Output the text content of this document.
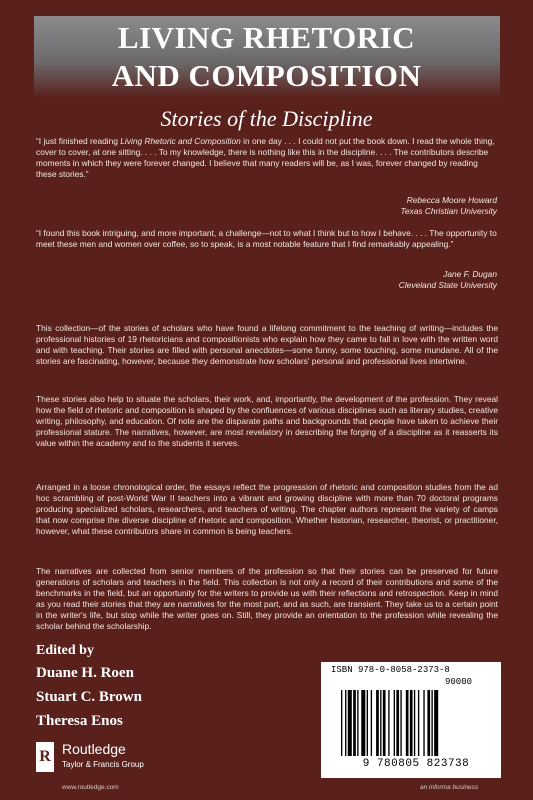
LIVING RHETORIC
AND COMPOSITION
Stories of the Discipline
“I just finished reading Living Rhetoric and Composition in one day . . . I could not put the book down. I read the whole thing, cover to cover, at one sitting. . . . To my knowledge, there is nothing like this in the discipline. . . . The contributors describe moments in which they were forever changed. I believe that many readers will be, as I was, forever changed by reading these stories.”
Rebecca Moore Howard
Texas Christian University
“I found this book intriguing, and more important, a challenge—not to what I think but to how I behave. . . . The opportunity to meet these men and women over coffee, so to speak, is a most notable feature that I find remarkably appealing.”
Jane F. Dugan
Cleveland State University
This collection—of the stories of scholars who have found a lifelong commitment to the teaching of writing—includes the professional histories of 19 rhetoricians and compositionists who explain how they came to fall in love with the written word and with teaching. Their stories are filled with personal anecdotes—some funny, some touching, some mundane. All of the stories are fascinating, however, because they demonstrate how scholars' personal and professional lives intertwine.
These stories also help to situate the scholars, their work, and, importantly, the development of the profession. They reveal how the field of rhetoric and composition is shaped by the confluences of various disciplines such as literary studies, creative writing, philosophy, and education. Of note are the disparate paths and backgrounds that people have taken to achieve their professional stature. The narratives, however, are most revelatory in describing the forging of a discipline as it reasserts its value within the academy and to the students it serves.
Arranged in a loose chronological order, the essays reflect the progression of rhetoric and composition studies from the ad hoc scrambling of post-World War II teachers into a vibrant and growing discipline with more than 70 doctoral programs producing specialized scholars, researchers, and teachers of writing. The chapter authors represent the variety of camps that now comprise the diverse discipline of rhetoric and composition. Whether historian, researcher, theorist, or practitioner, however, what these contributors share in common is being teachers.
The narratives are collected from senior members of the profession so that their stories can be preserved for future generations of scholars and teachers in the field. This collection is not only a record of their contributions and some of the benchmarks in the field, but an opportunity for the writers to provide us with their reflections and retrospection. Keep in mind as you read their stories that they are narratives for the most part, and as such, are transient. They take us to a certain point in the writer's life, but stop while the writer goes on. Still, they provide an orientation to the profession while revealing the scholar behind the scholarship.
Edited by
Duane H. Roen
Stuart C. Brown
Theresa Enos
R Routledge
Taylor & Francis Group
www.routledge.com
ISBN 978-0-8058-2373-8
90000
9 780805 823738
an informa business
